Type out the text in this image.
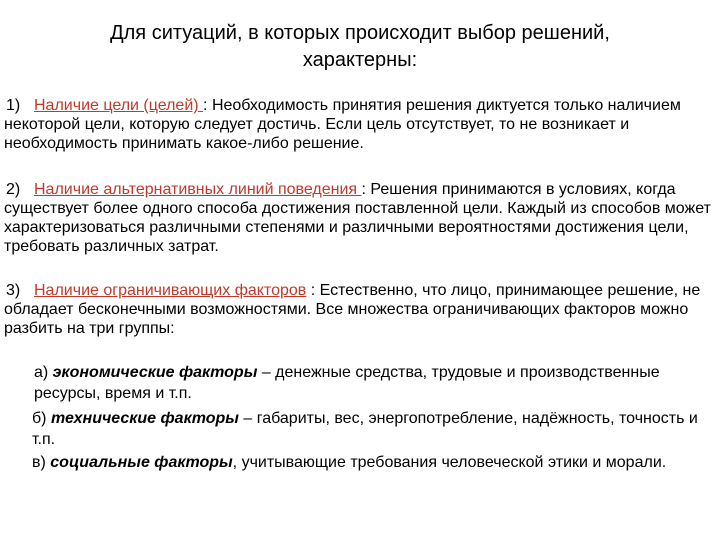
Для ситуаций, в которых происходит выбор решений,
характерны:
1) Наличие цели (целей) : Необходимость принятия решения диктуется только наличием некоторой цели, которую следует достичь. Если цель отсутствует, то не возникает и необходимость принимать какое-либо решение.
2) Наличие альтернативных линий поведения : Решения принимаются в условиях, когда существует более одного способа достижения поставленной цели. Каждый из способов может характеризоваться различными степенями и различными вероятностями достижения цели, требовать различных затрат.
3) Наличие ограничивающих факторов : Естественно, что лицо, принимающее решение, не обладает бесконечными возможностями. Все множества ограничивающих факторов можно разбить на три группы:
а) экономические факторы – денежные средства, трудовые и производственные ресурсы, время и т.п.
б) технические факторы – габариты, вес, энергопотребление, надёжность, точность и т.п.
в) социальные факторы, учитывающие требования человеческой этики и морали.
